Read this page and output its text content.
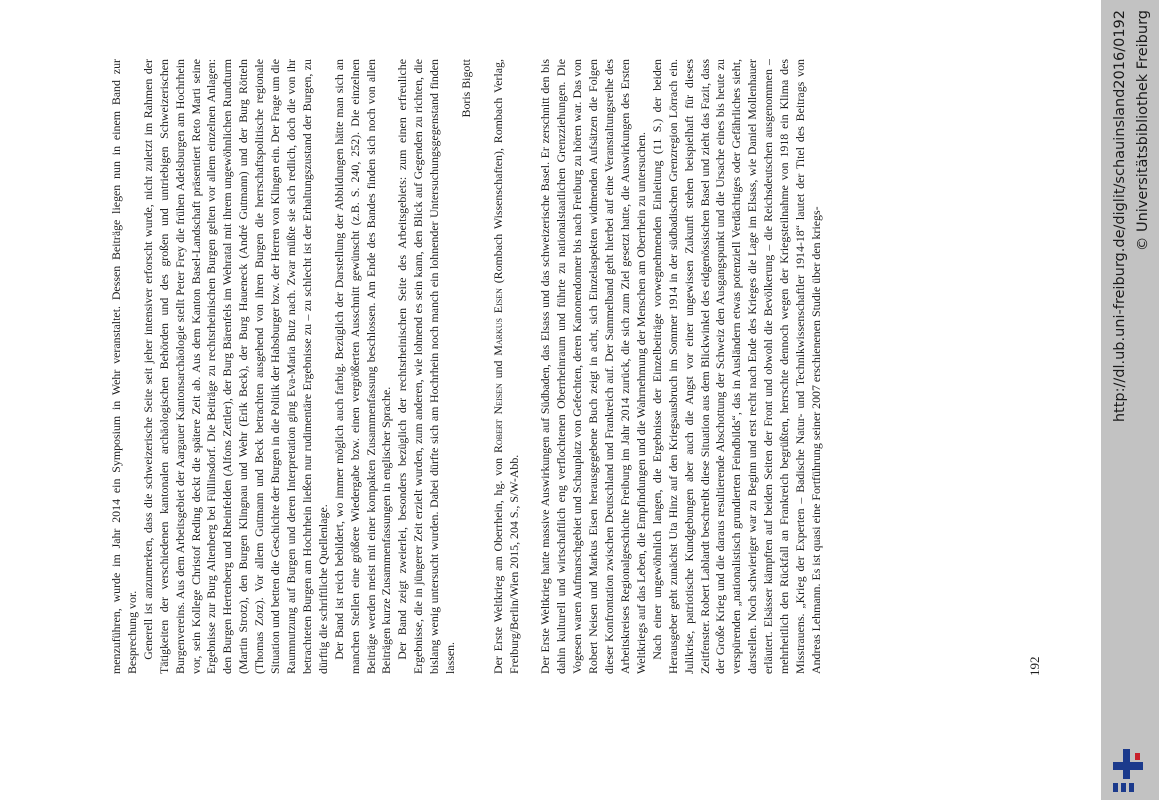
menzuführen, wurde im Jahr 2014 ein Symposium in Wehr veranstaltet. Dessen Beiträge liegen nun in einem Band zur Besprechung vor. Generell ist anzumerken, dass die schweizerische Seite seit jeher intensiver erforscht wurde, nicht zuletzt im Rahmen der Tätigkeiten der verschiedenen kantonalen archäologischen Behörden und des großen und untriebigen Schweizerischen Burgenvereins. Aus dem Arbeitsgebiet der Aargauer Kantonsarchäologie stellt Peter Frey die frühen Adelsburgen am Hochrhein vor, sein Kollege Christof Reding deckt die spätere Zeit ab. Aus dem Kanton Basel-Landschaft präsentiert Reto Marti seine Ergebnisse zur Burg Altenberg bei Füllinsdorf. Die Beiträge zu rechtsrheinischen Burgen gelten vor allem einzelnen Anlagen: den Burgen Hertenberg und Rheinfelden (Alfons Zettler), der Burg Bärenfels im Wehratal mit ihrem ungewöhnlichen Rundturm (Martin Strotz), den Burgen Klingnau und Wehr (Erik Beck), der Burg Haueneck (André Gutmann) und der Burg Rötteln (Thomas Zotz). Vor allem Gutmann und Beck betrachten ausgehend von ihren Burgen die herrschaftspolitische regionale Situation und betten die Geschichte der Burgen in die Politik der Habsburger bzw. der Herren von Klingen ein. Der Frage um die Raumnutzung auf Burgen und deren Interpretation ging Eva-Maria Butz nach. Zwar müßte sie sich redlich, doch die von ihr betrachteten Burgen am Hochrhein ließen nur rudimentäre Ergebnisse zu – zu schlecht ist der Erhaltungszustand der Burgen, zu dürftig die schriftliche Quellenlage. Der Band ist reich bebildert, wo immer möglich auch farbig. Bezüglich der Darstellung der Abbildungen hätte man sich an manchen Stellen eine größere Wiedergabe bzw. einen vergrößerten Ausschnitt gewünscht (z.B. S. 240, 252). Die einzelnen Beiträge werden meist mit einer kompakten Zusammenfassung beschlossen. Am Ende des Bandes finden sich noch von allen Beiträgen kurze Zusammenfassungen in englischer Sprache. Der Band zeigt zweierlei, besonders bezüglich der rechtsrheinischen Seite des Arbeitsgebiets: zum einen erfreuliche Ergebnisse, die in jüngerer Zeit erzielt wurden, zum anderen, wie lohnend es sein kann, den Blick auf Gegenden zu richten, die bislang wenig untersucht wurden. Dabei dürfte sich am Hochrhein noch manch ein lohnender Untersuchungsgegenstand finden lassen.

Boris Bigott

Der Erste Weltkrieg am Oberrhein, hg. von Robert Neisen und Markus Eisen (Rombach Wissenschaften), Rombach Verlag, Freiburg/Berlin/Wien 2015, 204 S., S/W-Abb. Der Erste Weltkrieg hatte massive Auswirkungen auf Südbaden, das Elsass und das schweizerische Basel. Er zerschnitt den bis dahin kulturell und wirtschaftlich eng verflochtenen Oberrheinraum und führte zu nationalstaatlichen Grenzziehungen. Die Vogesen waren Aufmarschgebiet und Schauplatz von Gefechten, deren Kanonendonner bis nach Freiburg zu hören war. Das von Robert Neisen und Markus Eisen herausgegebene Buch zeigt in acht, sich Einzelaspekten widmenden Aufsätzen die Folgen dieser Konfrontation zwischen Deutschland und Frankreich auf. Der Sammelband geht hierbei auf eine Veranstaltungsreihe des Arbeitskreises Regionalgeschichte Freiburg im Jahr 2014 zurück, die sich zum Ziel gesetzt hatte, die Auswirkungen des Ersten Weltkriegs auf das Leben, die Empfindungen und die Wahrnehmung der Menschen am Oberrhein zu untersuchen. Nach einer ungewöhnlich langen, die Ergebnisse der Einzelbeiträge vorwegnehmenden Einleitung (11 S.) der beiden Herausgeber geht zunächst Uta Hinz auf den Kriegsausbruch im Sommer 1914 in der südbadischen Grenzregion Lörrach ein. Julikrise, patriotische Kundgebungen aber auch die Angst vor einer ungewissen Zukunft stehen beispielhaft für dieses Zeitfenster. Robert Lablardt beschreibt diese Situation aus dem Blickwinkel des eidgenössischen Basel und zieht das Fazit, dass der Große Krieg und die daraus resultierende Abschottung der Schweiz den Ausgangspunkt und die Ursache eines bis heute zu verspürenden „nationalistisch grundierten Feindbilds“, das in Ausländern etwas potenziell Verdächtiges oder Gefährliches sieht, darstellen. Noch schwieriger war zu Beginn und erst recht nach Ende des Krieges die Lage im Elsass, wie Daniel Mollenhauer erläutert. Elsässer kämpften auf beiden Seiten der Front und obwohl die Bevölkerung – die Reichsdeutschen ausgenommen – mehrheitlich den Rückfall an Frankreich begrüßten, herrschte dennoch wegen der Kriegsteilnahme von 1918 ein Klima des Misstrauens. „Krieg der Experten – Badische Natur- und Technikwissenschaftler 1914-18“ lautet der Titel des Beitrags von Andreas Lehmann. Es ist quasi eine Fortführung seiner 2007 erschienenen Studie über den kriegs-	192
http://dl.ub.uni-freiburg.de/diglit/schauinsland2016/0192 © Universitätsbibliothek Freiburg
